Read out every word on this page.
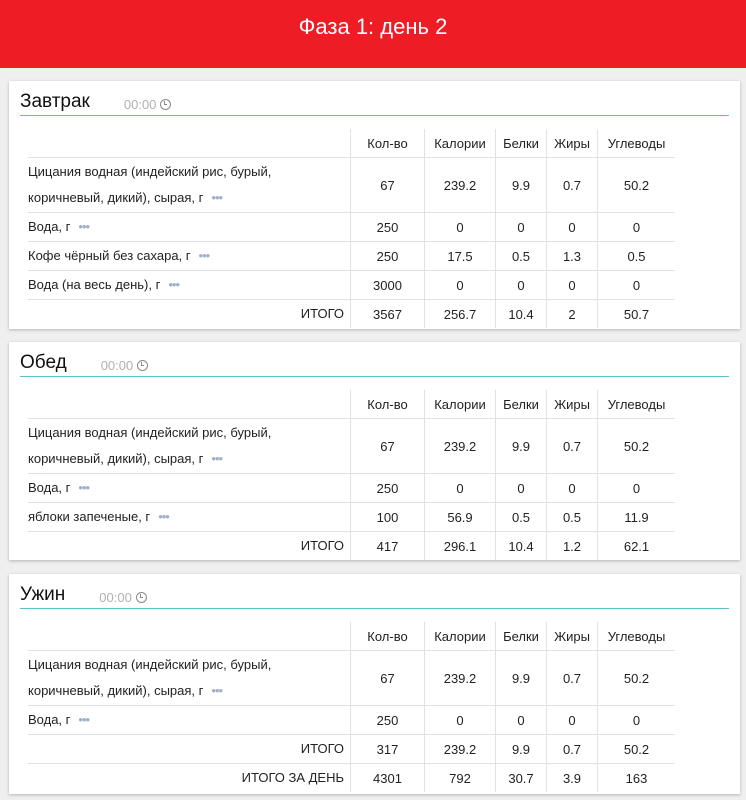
Фаза 1: день 2
Завтрак	00:00
	Кол-во	Калории	Белки	Жиры	Углеводы
Цицания водная (индейский рис, бурый, коричневый, дикий), сырая, г •••	67	239.2	9.9	0.7	50.2
Вода, г •••	250	0	0	0	0
Кофе чёрный без сахара, г •••	250	17.5	0.5	1.3	0.5
Вода (на весь день), г •••	3000	0	0	0	0
ИТОГО	3567	256.7	10.4	2	50.7
Обед	00:00
	Кол-во	Калории	Белки	Жиры	Углеводы
Цицания водная (индейский рис, бурый, коричневый, дикий), сырая, г •••	67	239.2	9.9	0.7	50.2
Вода, г •••	250	0	0	0	0
яблоки запеченые, г •••	100	56.9	0.5	0.5	11.9
ИТОГО	417	296.1	10.4	1.2	62.1
Ужин	00:00
	Кол-во	Калории	Белки	Жиры	Углеводы
Цицания водная (индейский рис, бурый, коричневый, дикий), сырая, г •••	67	239.2	9.9	0.7	50.2
Вода, г •••	250	0	0	0	0
ИТОГО	317	239.2	9.9	0.7	50.2
ИТОГО ЗА ДЕНЬ	4301	792	30.7	3.9	163
